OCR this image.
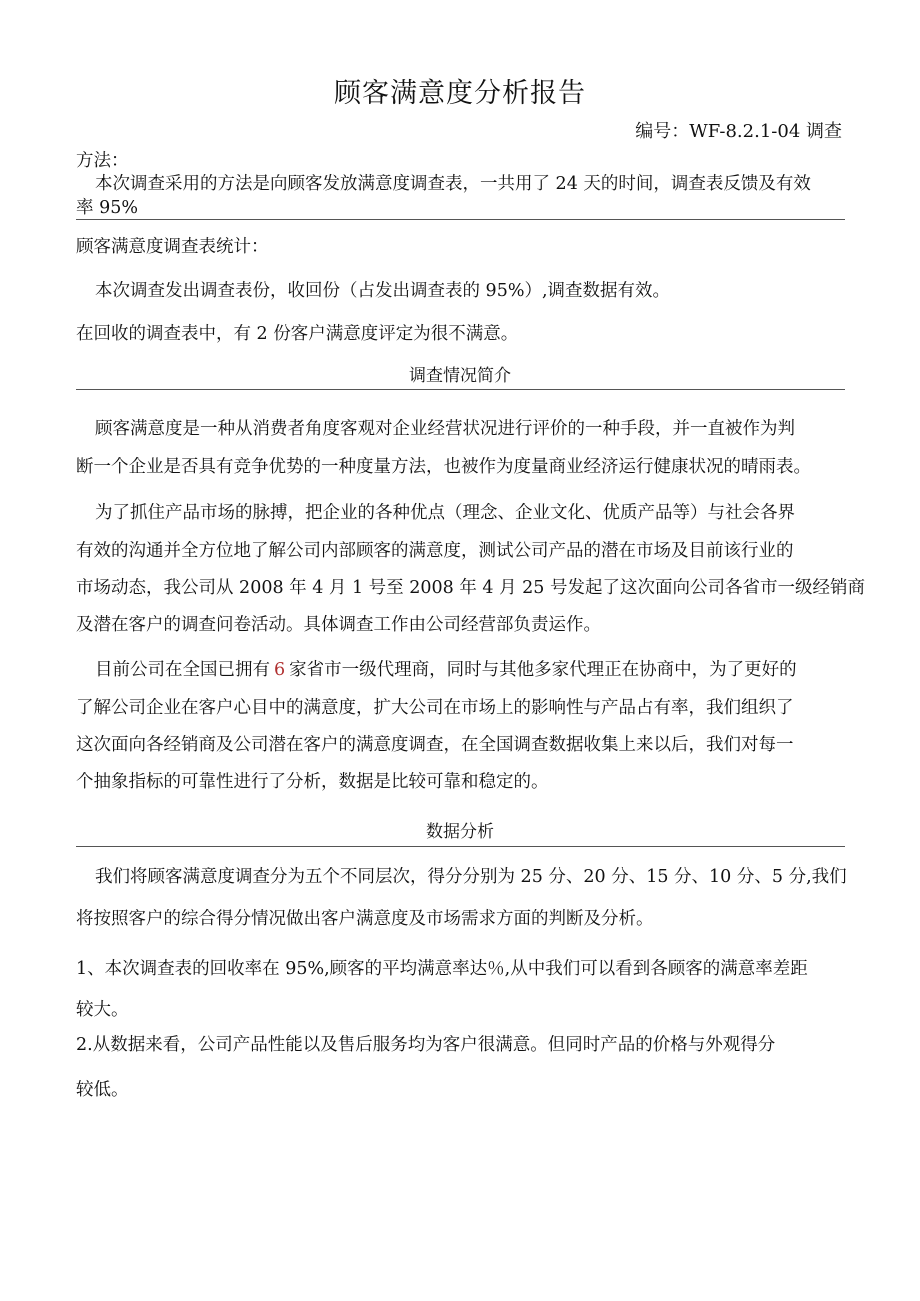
顾客满意度分析报告
编号：WF-8.2.1-04 调查
方法：
本次调查采用的方法是向顾客发放满意度调查表，一共用了 24 天的时间，调查表反馈及有效
率 95%
顾客满意度调查表统计：
本次调查发出调查表份，收回份（占发出调查表的 95%）,调查数据有效。
在回收的调查表中，有 2 份客户满意度评定为很不满意。
调查情况简介
顾客满意度是一种从消费者角度客观对企业经营状况进行评价的一种手段，并一直被作为判
断一个企业是否具有竞争优势的一种度量方法，也被作为度量商业经济运行健康状况的晴雨表。
为了抓住产品市场的脉搏，把企业的各种优点（理念、企业文化、优质产品等）与社会各界
有效的沟通并全方位地了解公司内部顾客的满意度，测试公司产品的潜在市场及目前该行业的
市场动态，我公司从 2008 年 4 月 1 号至 2008 年 4 月 25 号发起了这次面向公司各省市一级经销商
及潜在客户的调查问卷活动。具体调查工作由公司经营部负责运作。
目前公司在全国已拥有 6 家省市一级代理商，同时与其他多家代理正在协商中，为了更好的
了解公司企业在客户心目中的满意度，扩大公司在市场上的影响性与产品占有率，我们组织了
这次面向各经销商及公司潜在客户的满意度调查，在全国调查数据收集上来以后，我们对每一
个抽象指标的可靠性进行了分析，数据是比较可靠和稳定的。
数据分析
我们将顾客满意度调查分为五个不同层次，得分分别为 25 分、20 分、15 分、10 分、5 分,我们
将按照客户的综合得分情况做出客户满意度及市场需求方面的判断及分析。
1、本次调查表的回收率在 95%,顾客的平均满意率达％,从中我们可以看到各顾客的满意率差距
较大。
2.从数据来看，公司产品性能以及售后服务均为客户很满意。但同时产品的价格与外观得分
较低。
